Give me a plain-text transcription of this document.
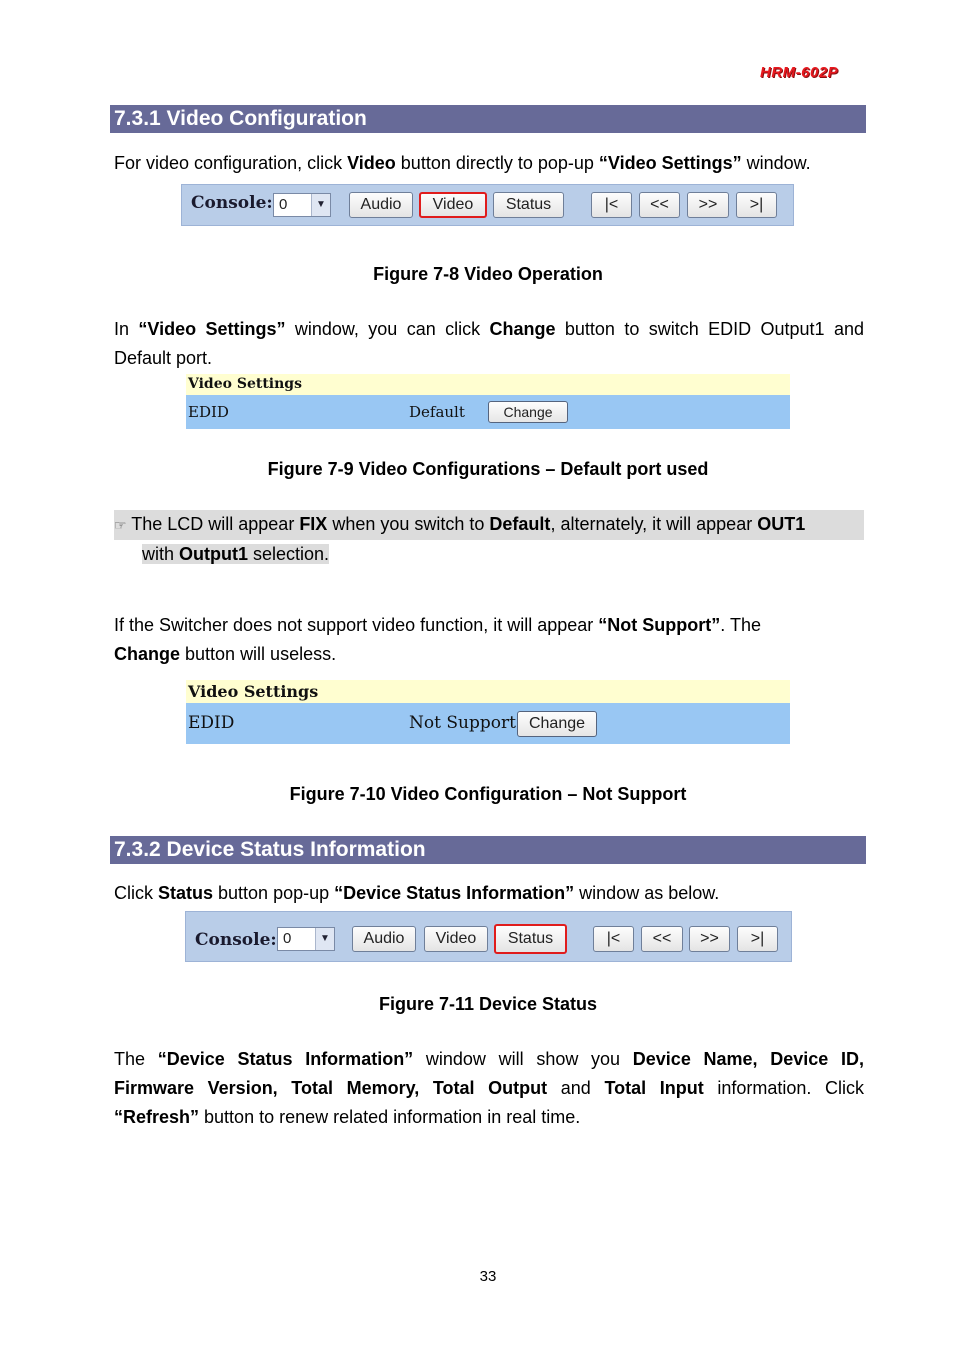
HRM-602P
7.3.1 Video Configuration
For video configuration, click Video button directly to pop-up “Video Settings” window.
Console: 0	▼	Audio	Video	Status	|<	<<	>>	>|
Figure 7-8 Video Operation
In “Video Settings” window, you can click Change button to switch EDID Output1 and Default port.
Video Settings
EDID	Default	Change
Figure 7-9 Video Configurations – Default port used
☞ The LCD will appear FIX when you switch to Default, alternately, it will appear OUT1
with Output1 selection.
If the Switcher does not support video function, it will appear “Not Support”. The
Change button will useless.
Video Settings
EDID	Not Support Change
Figure 7-10 Video Configuration – Not Support
7.3.2 Device Status Information
Click Status button pop-up “Device Status Information” window as below.
Console: 0	▼	Audio	Video	Status	|<	<<	>>	>|
Figure 7-11 Device Status
The “Device Status Information” window will show you Device Name, Device ID, Firmware Version, Total Memory, Total Output and Total Input information. Click “Refresh” button to renew related information in real time.
33
